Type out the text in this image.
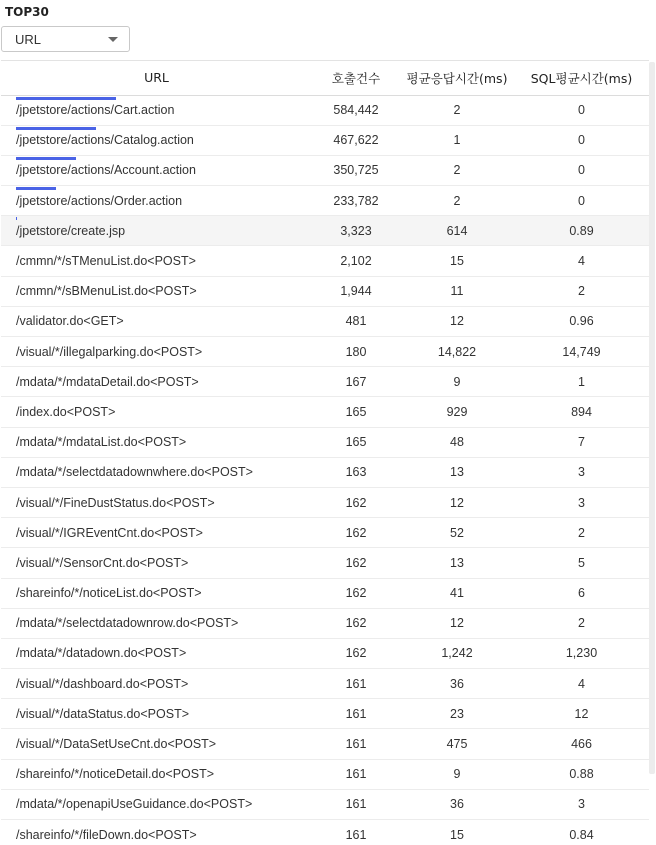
TOP30
URL
URL	호출건수	평균응답시간(ms)	SQL평균시간(ms)

/jpetstore/actions/Cart.action	584,442	2	0

/jpetstore/actions/Catalog.action	467,622	1	0

/jpetstore/actions/Account.action	350,725	2	0

/jpetstore/actions/Order.action	233,782	2	0

/jpetstore/create.jsp	3,323	614	0.89
/cmmn/*/sTMenuList.do<POST>	2,102	15	4
/cmmn/*/sBMenuList.do<POST>	1,944	11	2
/validator.do<GET>	481	12	0.96
/visual/*/illegalparking.do<POST>	180	14,822	14,749
/mdata/*/mdataDetail.do<POST>	167	9	1
/index.do<POST>	165	929	894
/mdata/*/mdataList.do<POST>	165	48	7
/mdata/*/selectdatadownwhere.do<POST>	163	13	3
/visual/*/FineDustStatus.do<POST>	162	12	3
/visual/*/IGREventCnt.do<POST>	162	52	2
/visual/*/SensorCnt.do<POST>	162	13	5
/shareinfo/*/noticeList.do<POST>	162	41	6
/mdata/*/selectdatadownrow.do<POST>	162	12	2
/mdata/*/datadown.do<POST>	162	1,242	1,230
/visual/*/dashboard.do<POST>	161	36	4
/visual/*/dataStatus.do<POST>	161	23	12
/visual/*/DataSetUseCnt.do<POST>	161	475	466
/shareinfo/*/noticeDetail.do<POST>	161	9	0.88
/mdata/*/openapiUseGuidance.do<POST>	161	36	3
/shareinfo/*/fileDown.do<POST>	161	15	0.84
